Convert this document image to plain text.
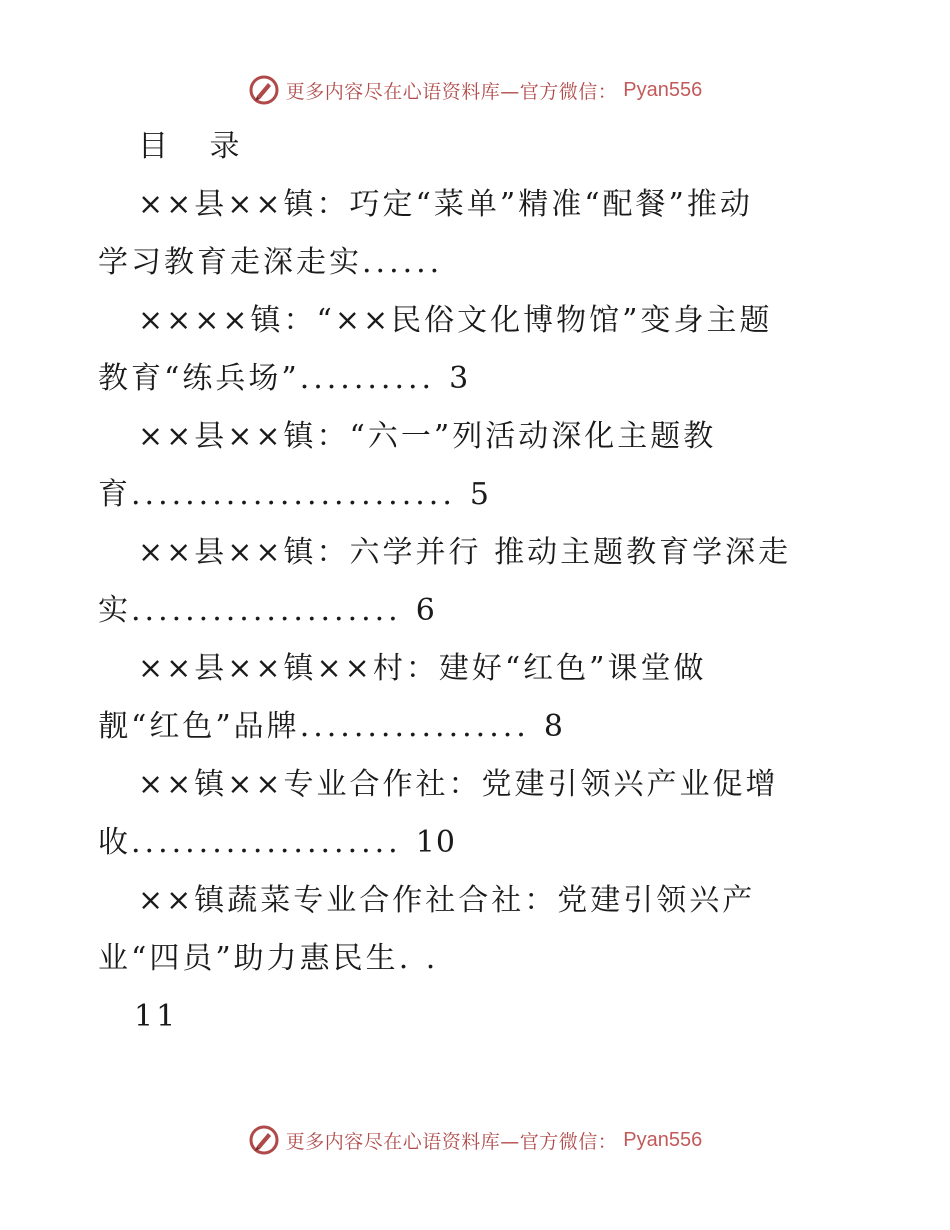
更多内容尽在心语资料库—官方微信： Pyan556
目 录
××县××镇：巧定“菜单”精准“配餐”推动
学习教育走深走实......
××××镇：“××民俗文化博物馆”变身主题
教育“练兵场”.......... 3
××县××镇：“六一”列活动深化主题教
育........................ 5
××县××镇：六学并行 推动主题教育学深走
实.................... 6
××县××镇××村：建好“红色”课堂做
靓“红色”品牌................. 8
××镇××专业合作社：党建引领兴产业促增
收.................... 10
××镇蔬菜专业合作社合社：党建引领兴产
业“四员”助力惠民生. .
11
更多内容尽在心语资料库—官方微信： Pyan556
